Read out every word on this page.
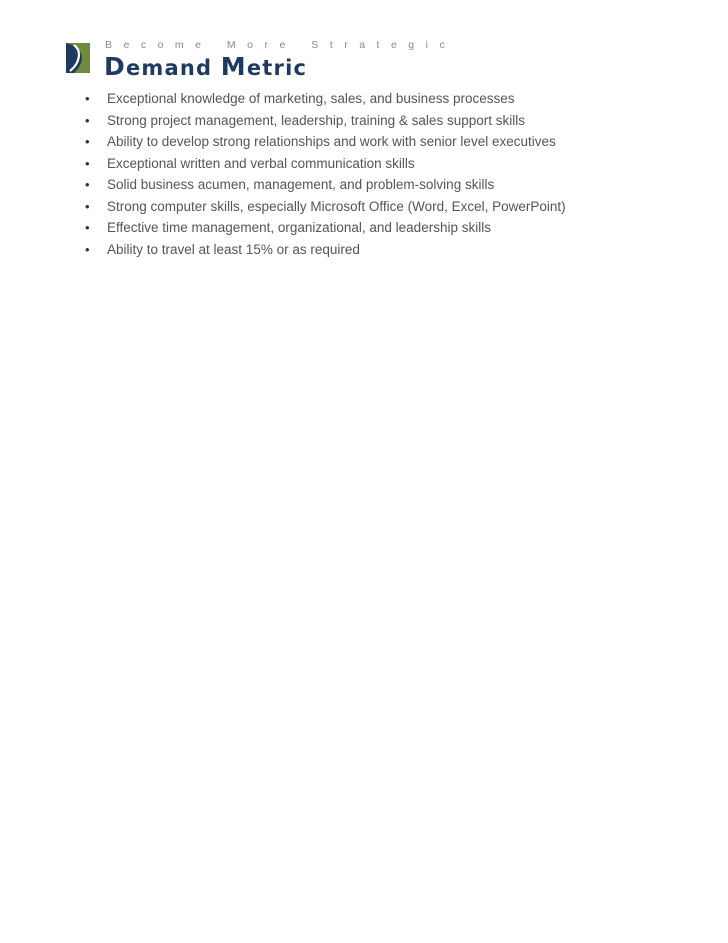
Become More Strategic
Demand Metric
• Exceptional knowledge of marketing, sales, and business processes
• Strong project management, leadership, training & sales support skills
• Ability to develop strong relationships and work with senior level executives
• Exceptional written and verbal communication skills
• Solid business acumen, management, and problem-solving skills
• Strong computer skills, especially Microsoft Office (Word, Excel, PowerPoint)
• Effective time management, organizational, and leadership skills
• Ability to travel at least 15% or as required
